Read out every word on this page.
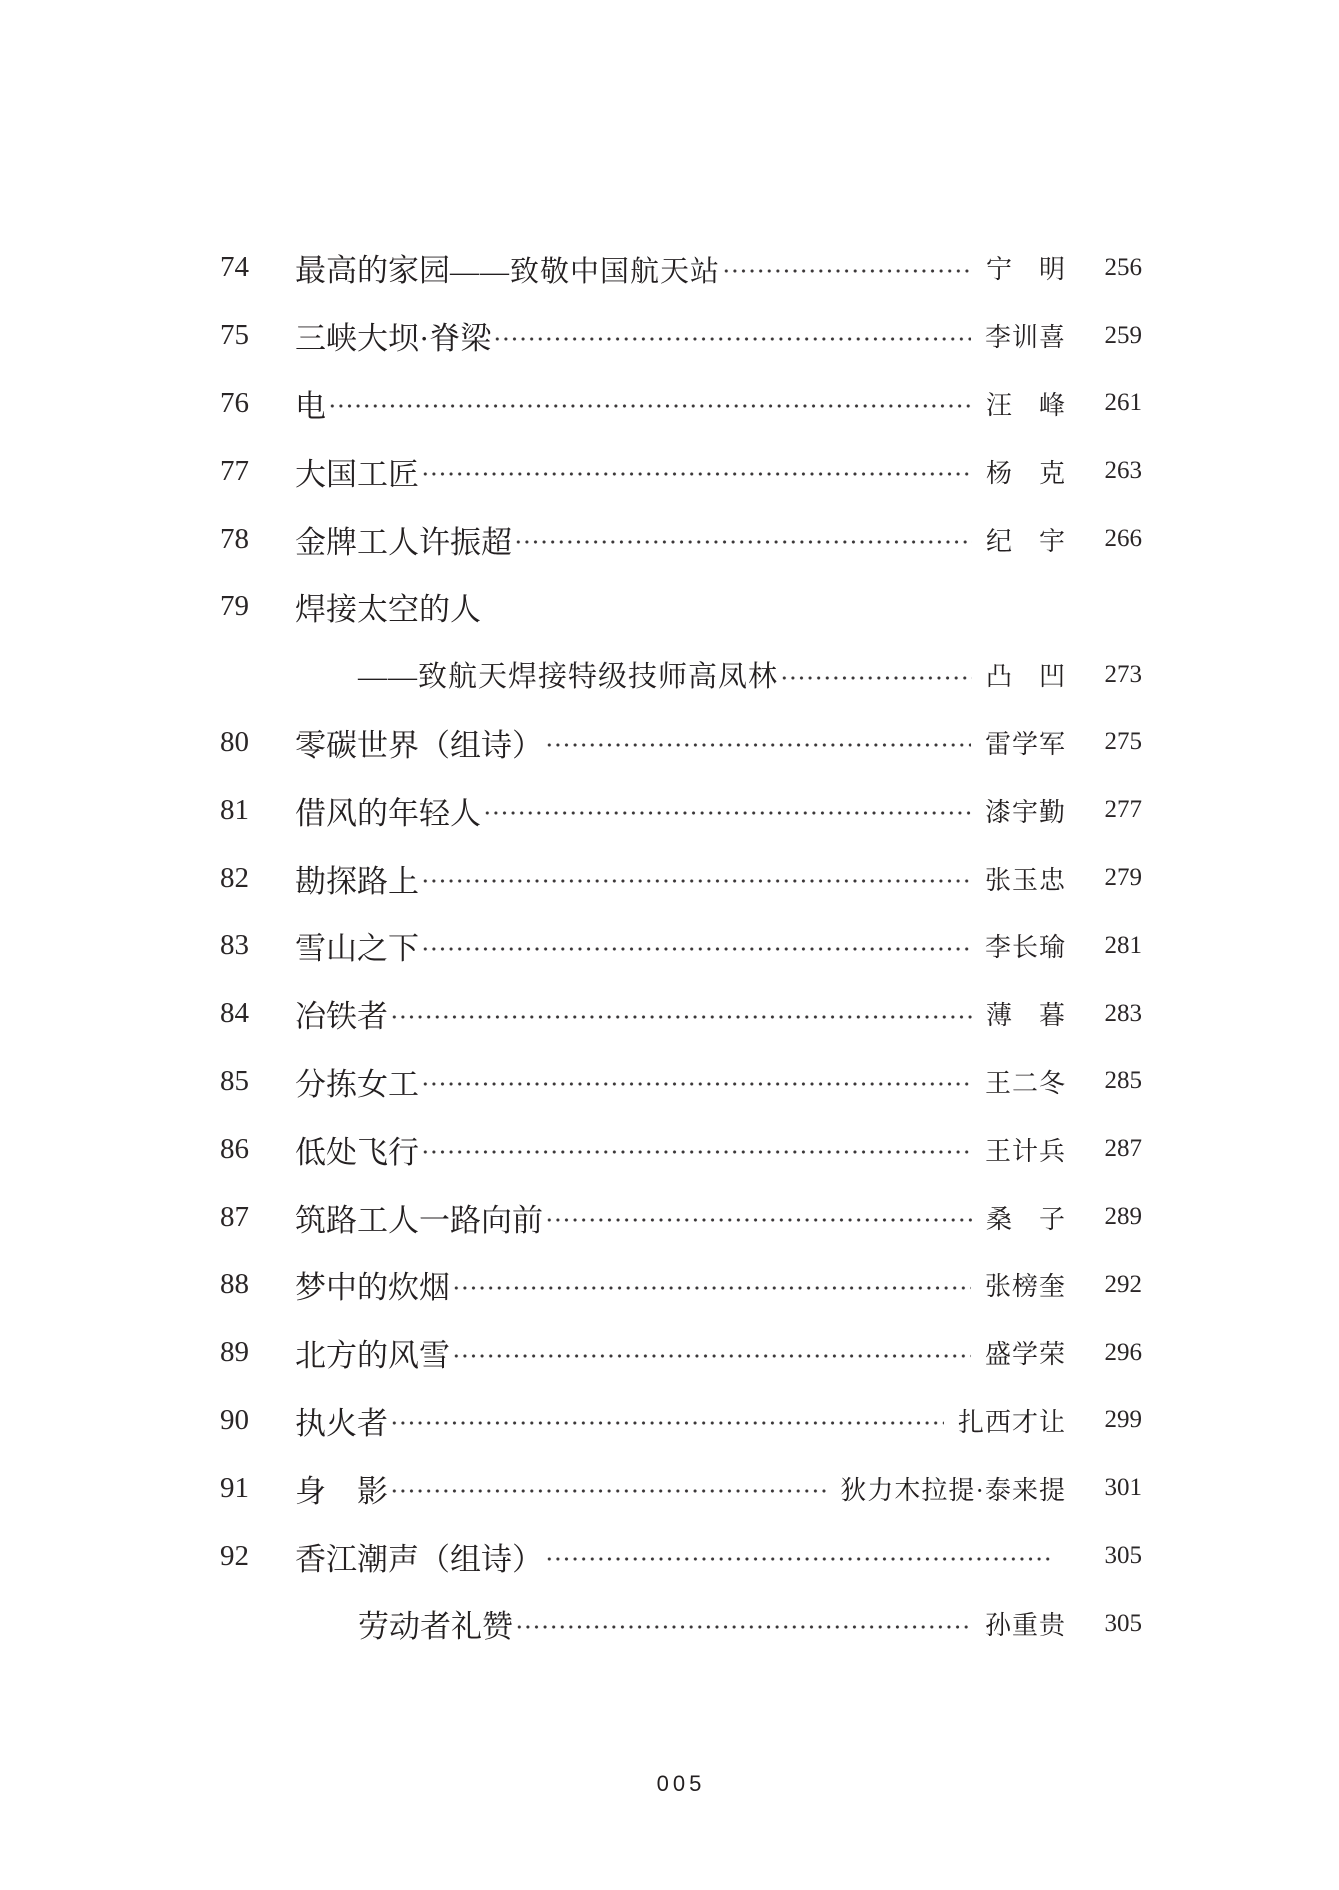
74	最高的家园——致敬中国航天站	宁 明	256
75	三峡大坝·脊梁	李训喜	259
76	电	汪 峰	261
77	大国工匠	杨 克	263
78	金牌工人许振超	纪 宇	266
79	焊接太空的人
——致航天焊接特级技师高凤林	凸 凹	273
80	零碳世界（组诗）	雷学军	275
81	借风的年轻人	漆宇勤	277
82	勘探路上	张玉忠	279
83	雪山之下	李长瑜	281
84	冶铁者	薄 暮	283
85	分拣女工	王二冬	285
86	低处飞行	王计兵	287
87	筑路工人一路向前	桑 子	289
88	梦中的炊烟	张榜奎	292
89	北方的风雪	盛学荣	296
90	执火者	扎西才让	299
91	身　影	狄力木拉提·泰来提	301
92	香江潮声（组诗）	305
劳动者礼赞	孙重贵	305
005
